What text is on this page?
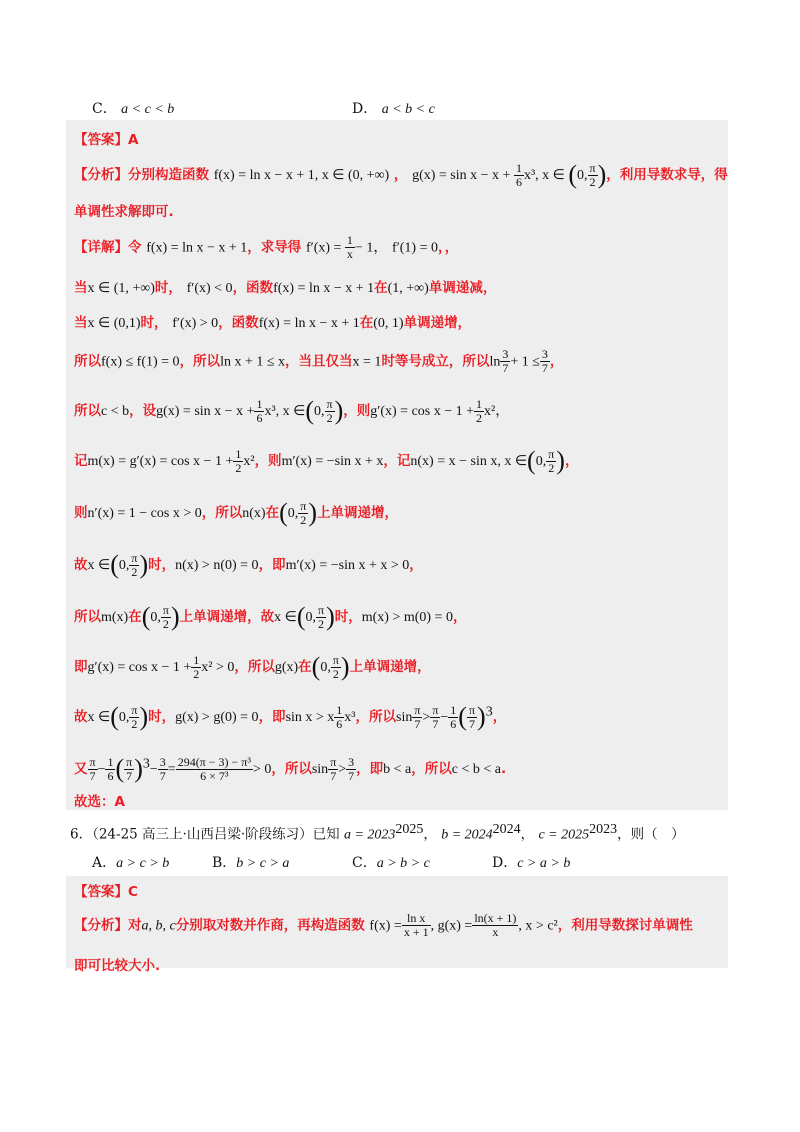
C． a < c < b	D． a < b < c
【答案】A
【分析】分别构造函数 f(x) = ln x − x + 1, x ∈ (0, +∞) ， $g(x) = \sin x - x + \frac{1}{6} x^3$, x ∈ (0, $\frac{\pi}{2}$ )，利用导数求导，得
单调性求解即可.
【详解】令 f(x) = ln x − x + 1，求导得 $f'(x) = \frac{1}{x} - 1$， f′(1) = 0，，
当x ∈ (1, +∞)时， f′(x) < 0，函数f(x) = ln x − x + 1在(1, +∞)单调递减，
当x ∈ (0,1)时， f′(x) > 0，函数f(x) = ln x − x + 1在(0, 1)单调递增，
所以f(x) ≤ f(1) = 0，所以ln x + 1 ≤ x，当且仅当x = 1时等号成立，所以$\ln \frac{3}{7} + 1 \le \frac{3}{7}$ ，
所以c < b，设$g(x) = \sin x - x + \frac{1}{6} x^3$, x ∈(0, $\frac{\pi}{2}$ )，则$g'(x) = \cos x - 1 + \frac{1}{2} x^2$，
记$m(x) = g'(x) = \cos x - 1 + \frac{1}{2} x^2$，则m′(x) = −sin x + x，记n(x) = x − sin x, x ∈(0, $\frac{\pi}{2}$ )，
则n′(x) = 1 − cos x > 0，所以n(x)在(0, $\frac{\pi}{2}$ )上单调递增，
故x ∈(0, $\frac{\pi}{2}$ )时，n(x) > n(0) = 0，即m′(x) = −sin x + x > 0，
所以m(x)在(0, $\frac{\pi}{2}$ )上单调递增，故x ∈(0, $\frac{\pi}{2}$ )时，m(x) > m(0) = 0，
即$g'(x) = \cos x - 1 + \frac{1}{2} x^2 > 0$，所以g(x)在(0, $\frac{\pi}{2}$ )上单调递增，
故x ∈(0, $\frac{\pi}{2}$ )时，g(x) > g(0) = 0，即sin x > x $\frac{1}{6} x^3$，所以$\sin \frac{\pi}{7} > \frac{\pi}{7} - \frac{1}{6}$ ( $\frac{\pi}{7} )^3$，
又 $\frac{\pi}{7} - \frac{1}{6}$ ( $\frac{\pi}{7} )^3- \frac{3}{7} = \frac{\text{294(π − 3) − π³}}{\text{6 × 7³}} > 0$，所以$\sin \frac{\pi}{7} > \frac{3}{7}$ ，即b < a，所以c < b < a.
故选：A
6．（24-25 高三上·山西吕梁·阶段练习）已知 $a = 2023^{2025}$， $b = 2024^{2024}$， $c = 2025^{2023}$，则（　）
A．a > c > b	B．b > c > a	C．a > b > c	D．c > a > b
【答案】C
【分析】对a, b, c分别取对数并作商，再构造函数 $f(x) = \frac{\text{ln x}}{x + 1}$ , $g(x) = \frac{\ln(x + 1)}{x}$ , x > c²，利用导数探讨单调性
即可比较大小.
